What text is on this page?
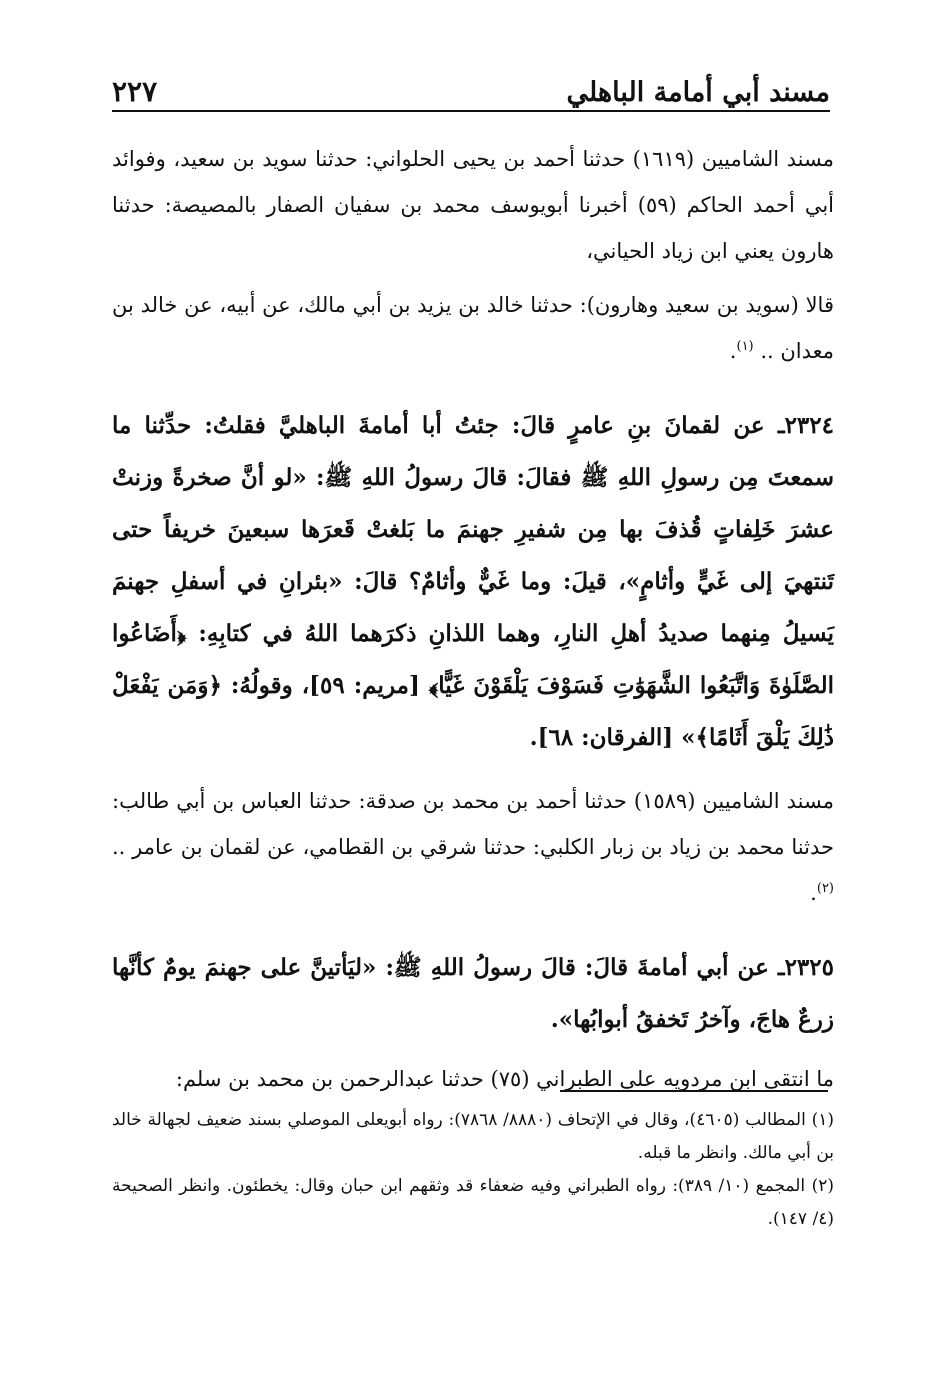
مسند أبي أمامة الباهلي
٢٢٧

مسند الشاميين (١٦١٩) حدثنا أحمد بن يحيى الحلواني: حدثنا سويد بن سعيد، وفوائد أبي أحمد الحاكم (٥٩) أخبرنا أبويوسف محمد بن سفيان الصفار بالمصيصة: حدثنا هارون يعني ابن زياد الحياني،

قالا (سويد بن سعيد وهارون): حدثنا خالد بن يزيد بن أبي مالك، عن أبيه، عن خالد بن معدان .. $^{(١)}$.

٢٣٢٤ـ عن لقمانَ بنِ عامرٍ قالَ: جئتُ أبا أمامةَ الباهليَّ فقلتُ: حدِّثنا ما سمعتَ مِن رسولِ اللهِ ﷺ فقالَ: قالَ رسولُ اللهِ ﷺ: «لو أنَّ صخرةً وزنتْ عشرَ خَلِفاتٍ قُذفَ بها مِن شفيرِ جهنمَ ما بَلغتْ قَعرَها سبعينَ خريفاً حتى تَنتهيَ إلى غَيٍّ وأثامٍ»، قيلَ: وما غَيٌّ وأثامٌ؟ قالَ: «بئرانِ في أسفلِ جهنمَ يَسيلُ مِنهما صديدُ أهلِ النارِ، وهما اللذانِ ذكرَهما اللهُ في كتابِهِ: ﴿أَضَاعُوا الصَّلَوٰةَ وَاتَّبَعُوا الشَّهَوَٰتِ فَسَوْفَ يَلْقَوْنَ غَيًّا﴾ [مريم: ٥٩]، وقولُهُ: ﴿وَمَن يَفْعَلْ ذَٰلِكَ يَلْقَ أَثَامًا﴾» [الفرقان: ٦٨].

مسند الشاميين (١٥٨٩) حدثنا أحمد بن محمد بن صدقة: حدثنا العباس بن أبي طالب: حدثنا محمد بن زياد بن زبار الكلبي: حدثنا شرقي بن القطامي، عن لقمان بن عامر .. $^{(٢)}$.

٢٣٢٥ـ عن أبي أمامةَ قالَ: قالَ رسولُ اللهِ ﷺ: «ليَأتينَّ على جهنمَ يومٌ كأنَّها زرعٌ هاجَ، وآخرُ تَخفقُ أبوابُها».

ما انتقى ابن مردويه على الطبراني (٧٥) حدثنا عبدالرحمن بن محمد بن سلم:

(١) المطالب (٤٦٠٥)، وقال في الإتحاف (٨٨٨٠/ ٧٨٦٨): رواه أبويعلى الموصلي بسند ضعيف لجهالة خالد بن أبي مالك. وانظر ما قبله.

(٢) المجمع (١٠/ ٣٨٩): رواه الطبراني وفيه ضعفاء قد وثقهم ابن حبان وقال: يخطئون. وانظر الصحيحة (٤/ ١٤٧).
